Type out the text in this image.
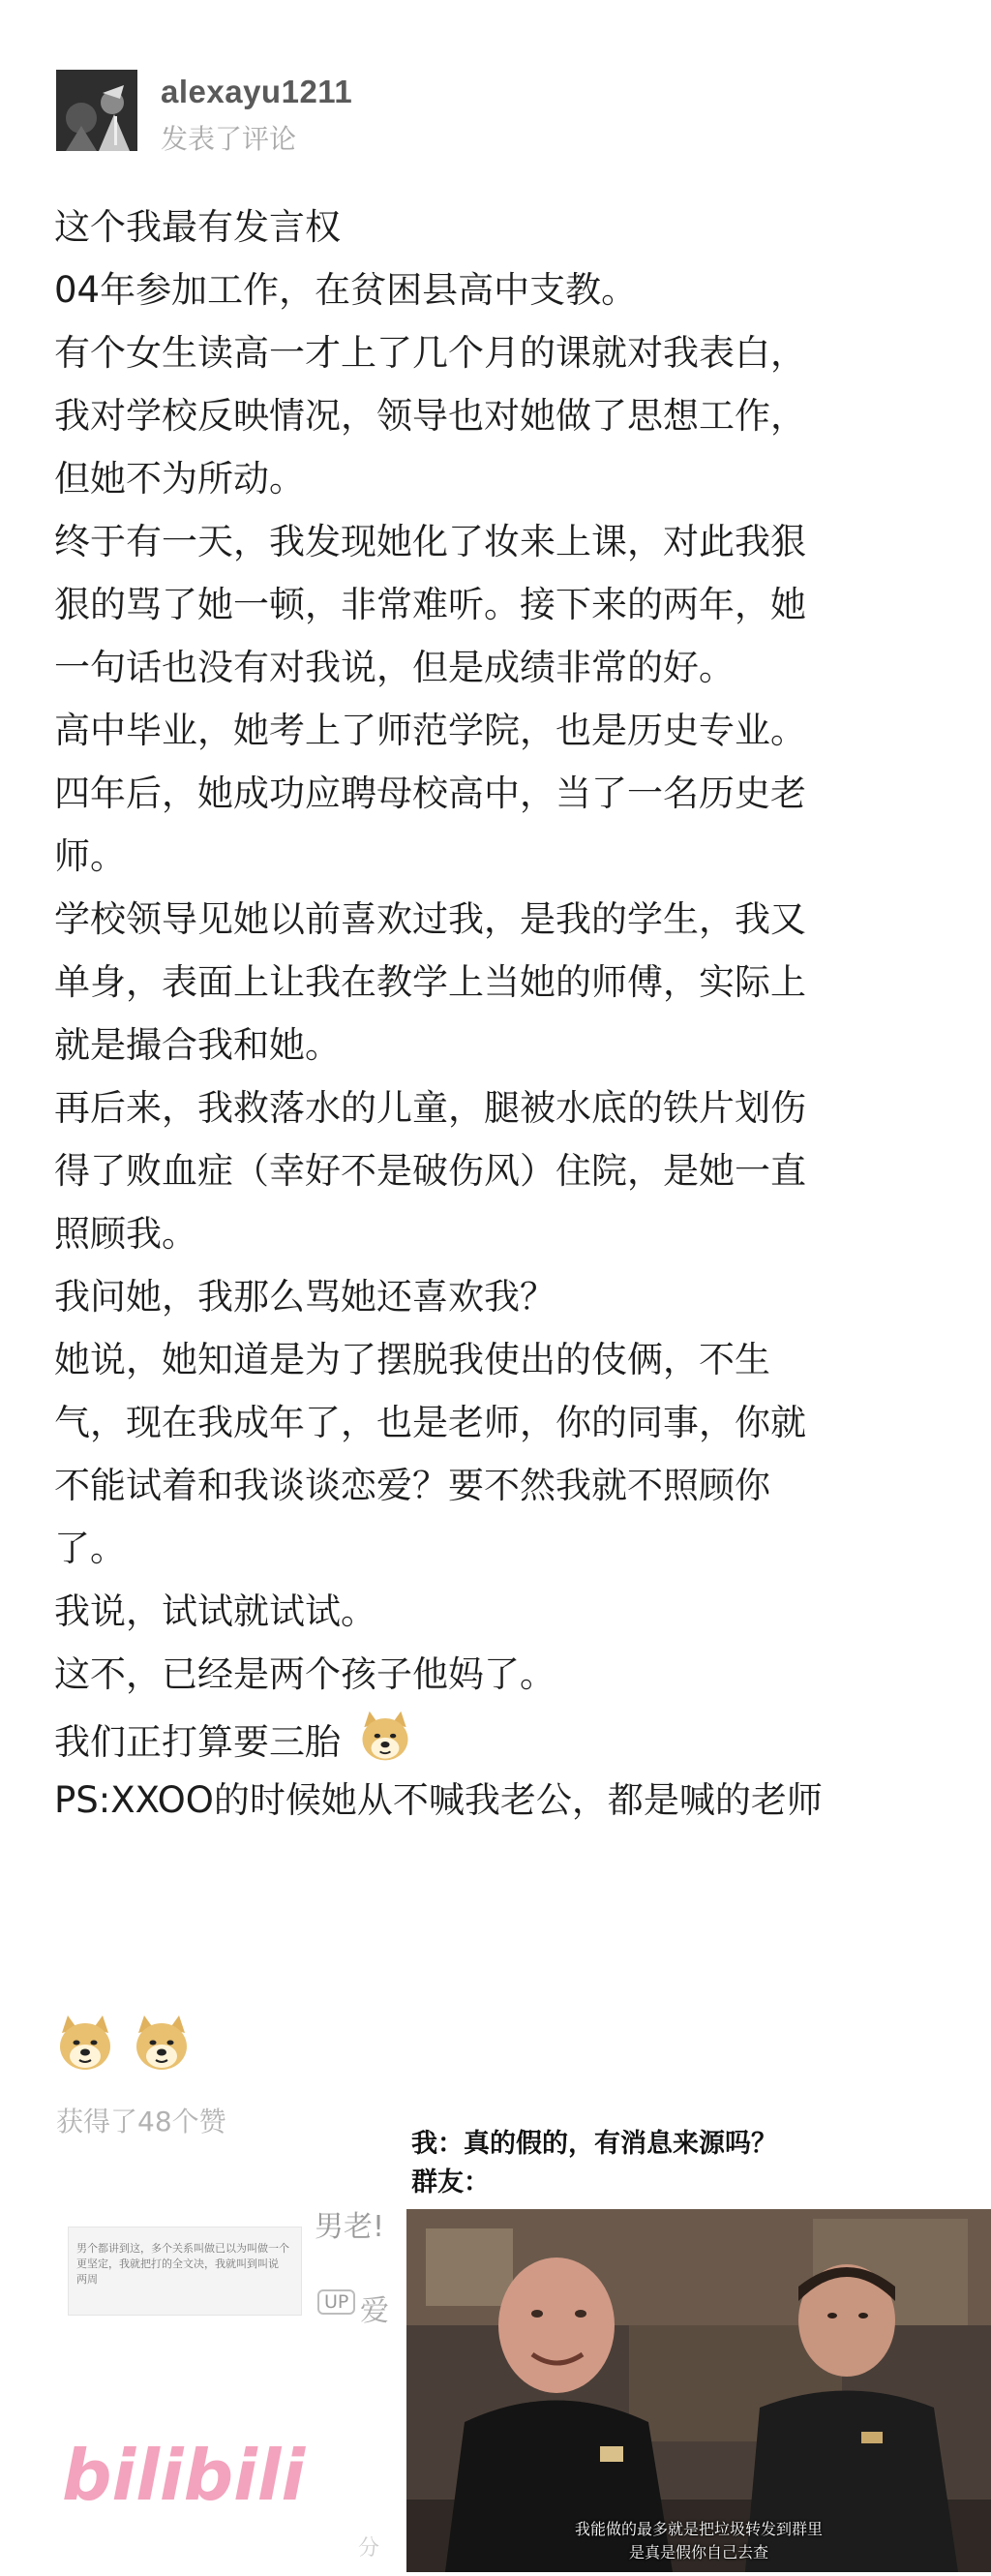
alexayu1211
发表了评论
这个我最有发言权
04年参加工作，在贫困县高中支教。
有个女生读高一才上了几个月的课就对我表白，
我对学校反映情况，领导也对她做了思想工作，
但她不为所动。
终于有一天，我发现她化了妆来上课，对此我狠
狠的骂了她一顿，非常难听。接下来的两年，她
一句话也没有对我说，但是成绩非常的好。
高中毕业，她考上了师范学院，也是历史专业。
四年后，她成功应聘母校高中，当了一名历史老
师。
学校领导见她以前喜欢过我，是我的学生，我又
单身，表面上让我在教学上当她的师傅，实际上
就是撮合我和她。
再后来，我救落水的儿童，腿被水底的铁片划伤
得了败血症（幸好不是破伤风）住院，是她一直
照顾我。
我问她，我那么骂她还喜欢我？
她说，她知道是为了摆脱我使出的伎俩，不生
气，现在我成年了，也是老师，你的同事，你就
不能试着和我谈谈恋爱？要不然我就不照顾你
了。
我说，试试就试试。
这不，已经是两个孩子他妈了。
我们正打算要三胎
PS:XXOO的时候她从不喊我老公，都是喊的老师

获得了48个赞
我：真的假的，有消息来源吗？
群友：
男个都讲到这，多个关系叫做已以为叫做一个
更坚定，我就把打的全文决，我就叫到叫说
两周
男老!
UP 爱
分
bilibili
我能做的最多就是把垃圾转发到群里
是真是假你自己去查
